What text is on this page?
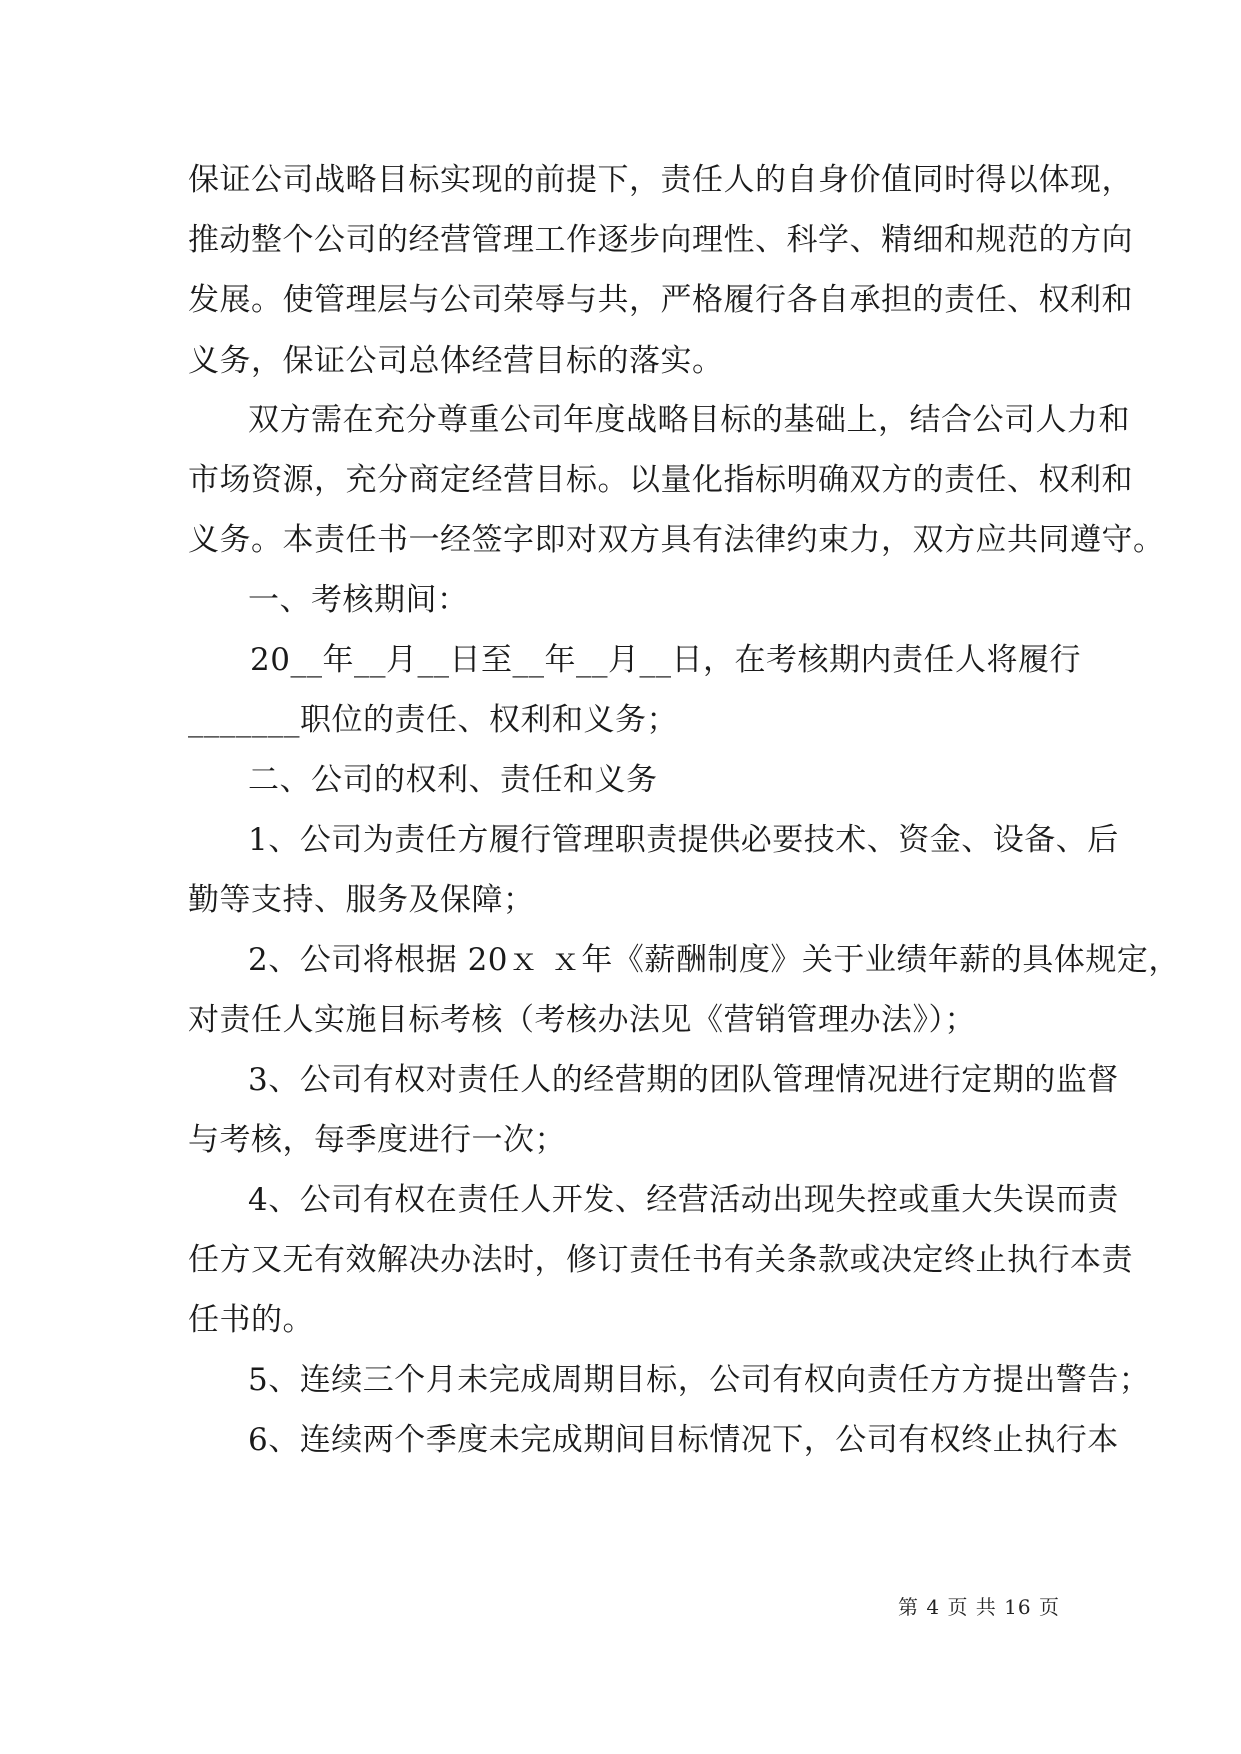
保证公司战略目标实现的前提下，责任人的自身价值同时得以体现，
推动整个公司的经营管理工作逐步向理性、科学、精细和规范的方向
发展。使管理层与公司荣辱与共，严格履行各自承担的责任、权利和
义务，保证公司总体经营目标的落实。
双方需在充分尊重公司年度战略目标的基础上，结合公司人力和
市场资源，充分商定经营目标。以量化指标明确双方的责任、权利和
义务。本责任书一经签字即对双方具有法律约束力，双方应共同遵守。
一、考核期间：
20__年__月__日至__年__月__日，在考核期内责任人将履行
_______职位的责任、权利和义务；
二、公司的权利、责任和义务
1、公司为责任方履行管理职责提供必要技术、资金、设备、后
勤等支持、服务及保障；
2、公司将根据 20ｘ ｘ年《薪酬制度》关于业绩年薪的具体规定，
对责任人实施目标考核（考核办法见《营销管理办法》）；
3、公司有权对责任人的经营期的团队管理情况进行定期的监督
与考核，每季度进行一次；
4、公司有权在责任人开发、经营活动出现失控或重大失误而责
任方又无有效解决办法时，修订责任书有关条款或决定终止执行本责
任书的。
5、连续三个月未完成周期目标，公司有权向责任方方提出警告；
6、连续两个季度未完成期间目标情况下，公司有权终止执行本
第 4 页 共 16 页
